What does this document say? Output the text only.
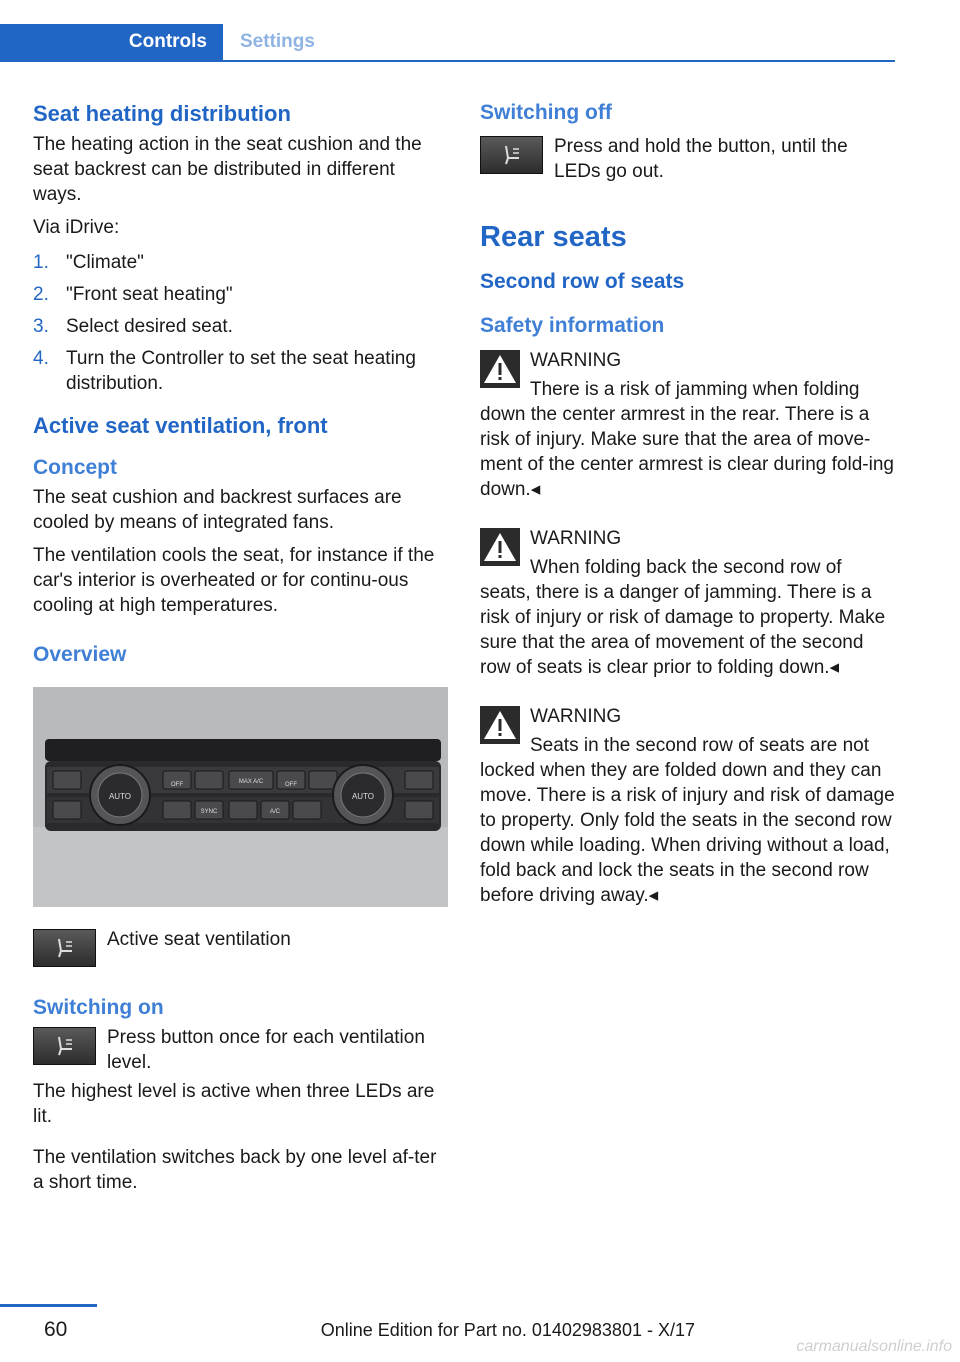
Controls	Settings
Seat heating distribution

The heating action in the seat cushion and the seat backrest can be distributed in different ways.

Via iDrive:

1. "Climate"
2. "Front seat heating"
3. Select desired seat.
4. Turn the Controller to set the seat heating distribution.
Active seat ventilation, front
Concept

The seat cushion and backrest surfaces are cooled by means of integrated fans.

The ventilation cools the seat, for instance if the car's interior is overheated or for continu‐ous cooling at high temperatures.

Overview
AUTO	AUTO
OFF	OFF
MAX A/C
SYNC	A/C

Active seat ventilation

Switching on

Press button once for each ventilation level.

The highest level is active when three LEDs are lit.

The ventilation switches back by one level af‐ter a short time.

Switching off

Press and hold the button, until the LEDs go out.

Rear seats
Second row of seats
Safety information

WARNING

There is a risk of jamming when folding

down the center armrest in the rear. There is a risk of injury. Make sure that the area of move‐ment of the center armrest is clear during fold‐ing down.◂

WARNING

When folding back the second row of

seats, there is a danger of jamming. There is a risk of injury or risk of damage to property. Make sure that the area of movement of the second row of seats is clear prior to folding down.◂

WARNING

Seats in the second row of seats are not

locked when they are folded down and they can move. There is a risk of injury and risk of damage to property. Only fold the seats in the second row down while loading. When driving without a load, fold back and lock the seats in the second row before driving away.◂

60	Online Edition for Part no. 01402983801 - X/17
carmanualsonline.info
